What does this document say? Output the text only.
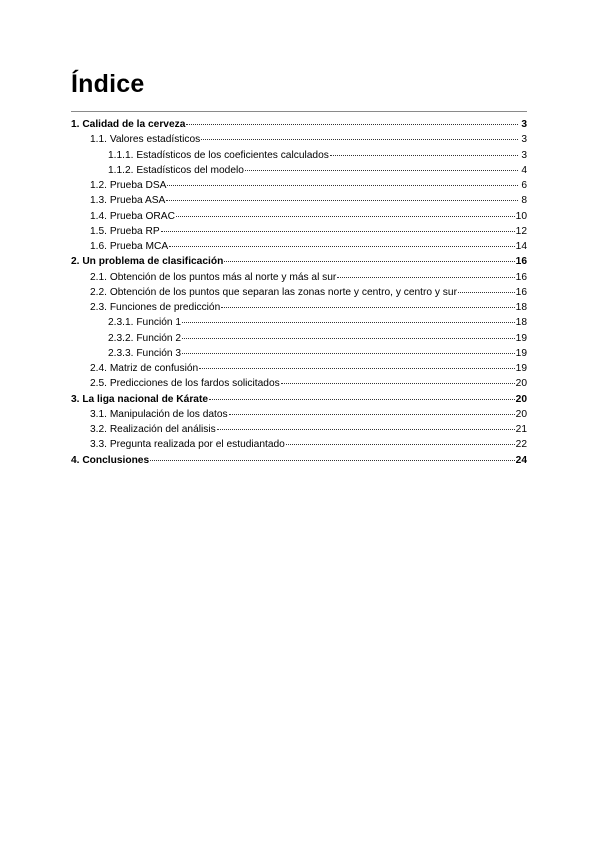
Índice
1. Calidad de la cerveza	3
1.1. Valores estadísticos	3
1.1.1. Estadísticos de los coeficientes calculados	3
1.1.2. Estadísticos del modelo	4
1.2. Prueba DSA	6
1.3. Prueba ASA	8
1.4. Prueba ORAC	10
1.5. Prueba RP	12
1.6. Prueba MCA	14
2. Un problema de clasificación	16
2.1. Obtención de los puntos más al norte y más al sur	16
2.2. Obtención de los puntos que separan las zonas norte y centro, y centro y sur	16
2.3. Funciones de predicción	18
2.3.1. Función 1	18
2.3.2. Función 2	19
2.3.3. Función 3	19
2.4. Matriz de confusión	19
2.5. Predicciones de los fardos solicitados	20
3. La liga nacional de Kárate	20
3.1. Manipulación de los datos	20
3.2. Realización del análisis	21
3.3. Pregunta realizada por el estudiantado	22
4. Conclusiones	24
